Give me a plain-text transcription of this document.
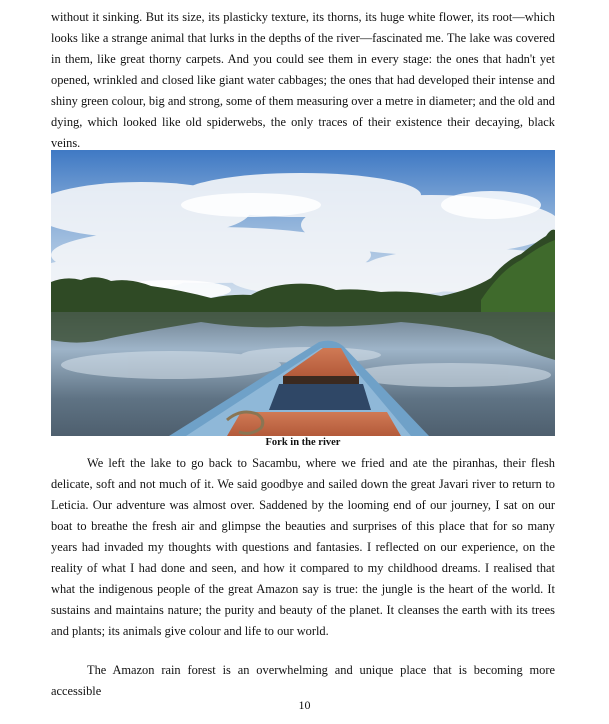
without it sinking. But its size, its plasticky texture, its thorns, its huge white flower, its root—which looks like a strange animal that lurks in the depths of the river—fascinated me. The lake was covered in them, like great thorny carpets. And you could see them in every stage: the ones that hadn't yet opened, wrinkled and closed like giant water cabbages; the ones that had developed their intense and shiny green colour, big and strong, some of them measuring over a metre in diameter; and the old and dying, which looked like old spiderwebs, the only traces of their existence their decaying, black veins.

Fork in the river

We left the lake to go back to Sacambu, where we fried and ate the piranhas, their flesh delicate, soft and not much of it. We said goodbye and sailed down the great Javari river to return to Leticia. Our adventure was almost over. Saddened by the looming end of our journey, I sat on our boat to breathe the fresh air and glimpse the beauties and surprises of this place that for so many years had invaded my thoughts with questions and fantasies. I reflected on our experience, on the reality of what I had done and seen, and how it compared to my childhood dreams. I realised that what the indigenous people of the great Amazon say is true: the jungle is the heart of the world. It sustains and maintains nature; the purity and beauty of the planet. It cleanses the earth with its trees and plants; its animals give colour and life to our world.

The Amazon rain forest is an overwhelming and unique place that is becoming more accessible

10
